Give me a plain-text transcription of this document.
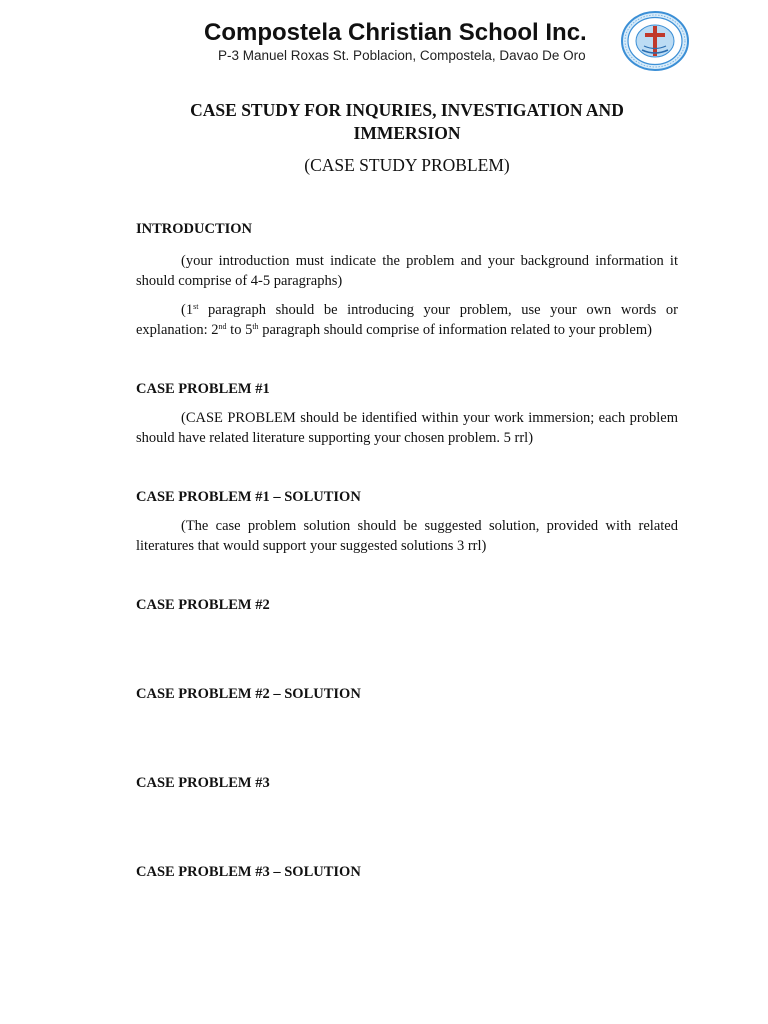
Compostela Christian School Inc.
P-3 Manuel Roxas St. Poblacion, Compostela, Davao De Oro
CASE STUDY FOR INQURIES, INVESTIGATION AND IMMERSION
(CASE STUDY PROBLEM)
INTRODUCTION
(your introduction must indicate the problem and your background information it should comprise of 4-5 paragraphs)
(1st paragraph should be introducing your problem, use your own words or explanation: 2nd to 5th paragraph should comprise of information related to your problem)
CASE PROBLEM #1
(CASE PROBLEM should be identified within your work immersion; each problem should have related literature supporting your chosen problem. 5 rrl)
CASE PROBLEM #1 – SOLUTION
(The case problem solution should be suggested solution, provided with related literatures that would support your suggested solutions 3 rrl)
CASE PROBLEM #2
CASE PROBLEM #2 – SOLUTION
CASE PROBLEM #3
CASE PROBLEM #3 – SOLUTION
